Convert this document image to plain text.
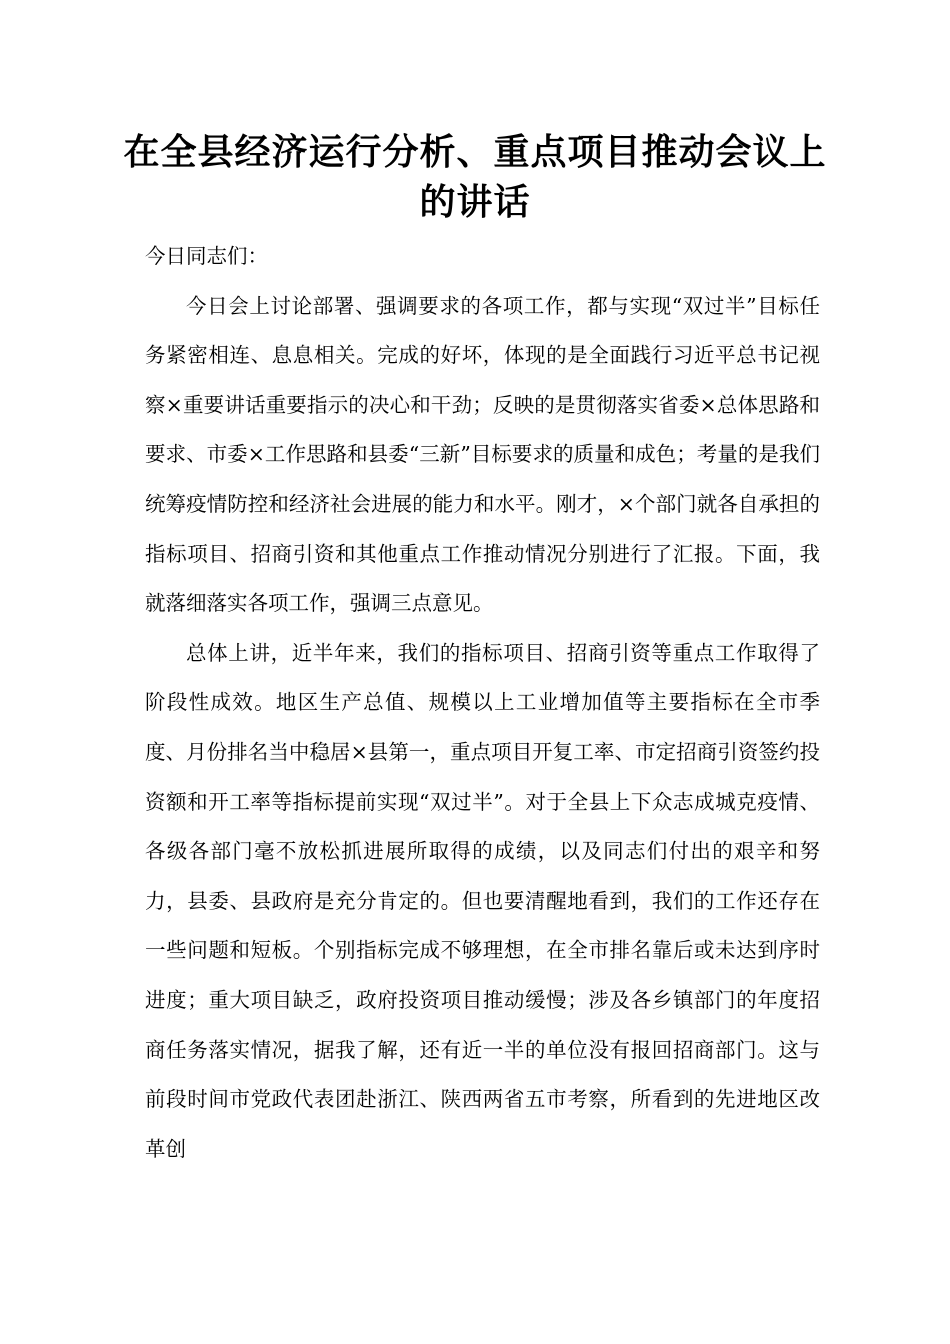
在全县经济运行分析、重点项目推动会议上的讲话

今日同志们：

今日会上讨论部署、强调要求的各项工作，都与实现“双过半”目标任务紧密相连、息息相关。完成的好坏，体现的是全面践行习近平总书记视察×重要讲话重要指示的决心和干劲；反映的是贯彻落实省委×总体思路和要求、市委×工作思路和县委“三新”目标要求的质量和成色；考量的是我们统筹疫情防控和经济社会进展的能力和水平。刚才，×个部门就各自承担的指标项目、招商引资和其他重点工作推动情况分别进行了汇报。下面，我就落细落实各项工作，强调三点意见。

总体上讲，近半年来，我们的指标项目、招商引资等重点工作取得了阶段性成效。地区生产总值、规模以上工业增加值等主要指标在全市季度、月份排名当中稳居×县第一，重点项目开复工率、市定招商引资签约投资额和开工率等指标提前实现“双过半”。对于全县上下众志成城克疫情、各级各部门毫不放松抓进展所取得的成绩，以及同志们付出的艰辛和努力，县委、县政府是充分肯定的。但也要清醒地看到，我们的工作还存在一些问题和短板。个别指标完成不够理想，在全市排名靠后或未达到序时进度；重大项目缺乏，政府投资项目推动缓慢；涉及各乡镇部门的年度招商任务落实情况，据我了解，还有近一半的单位没有报回招商部门。这与前段时间市党政代表团赴浙江、陕西两省五市考察，所看到的先进地区改革创
